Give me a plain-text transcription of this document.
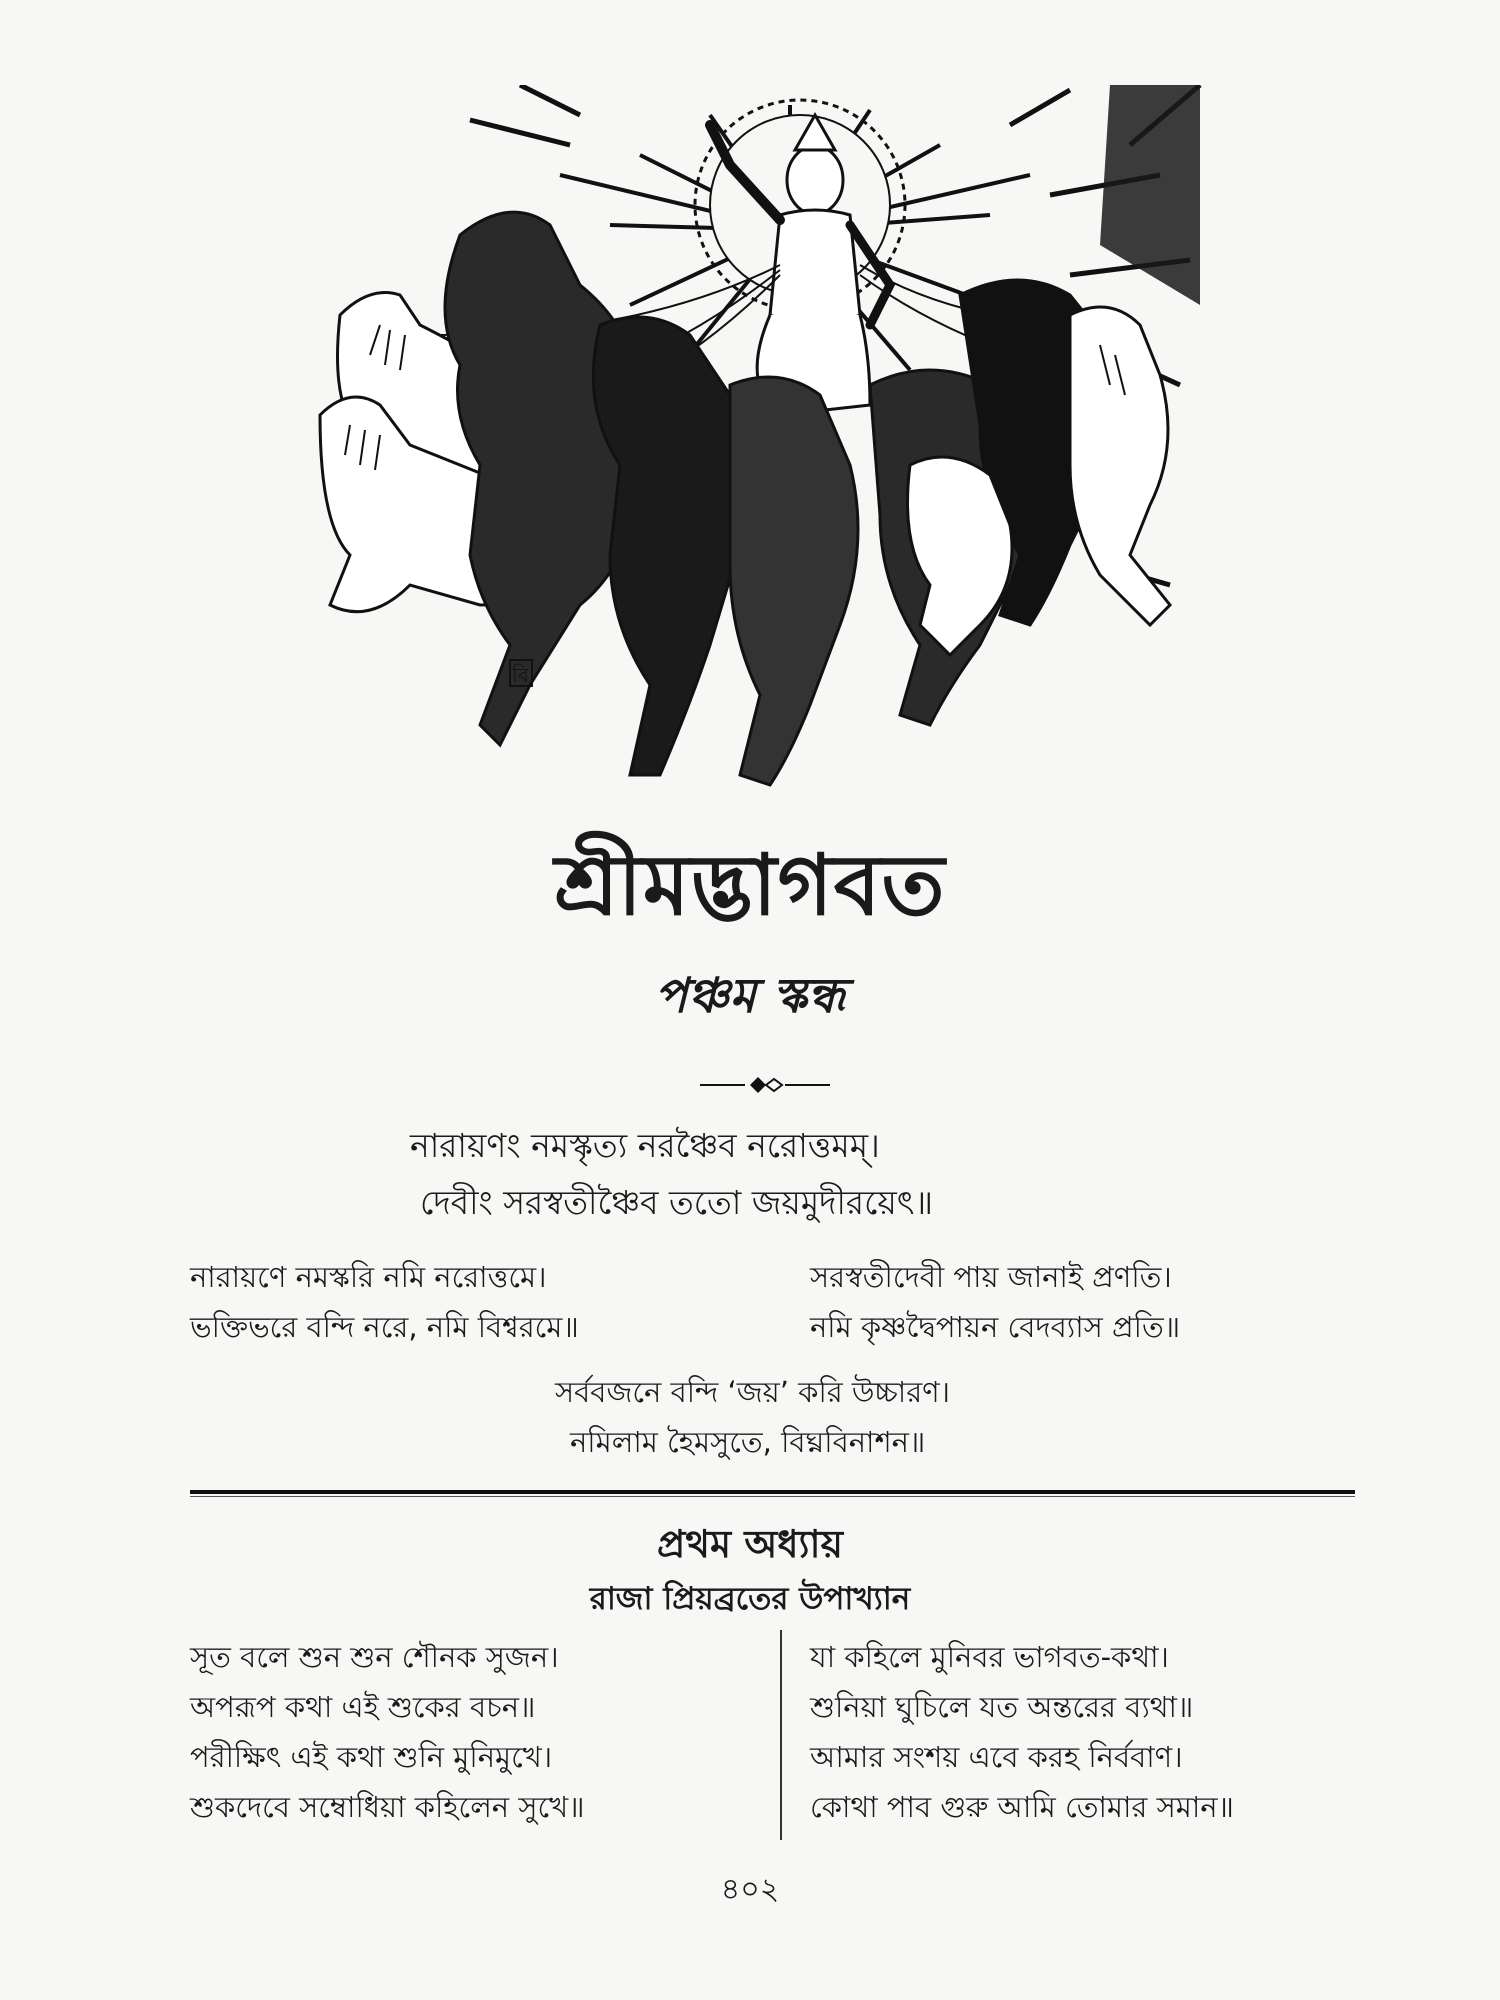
বি
শ্রীমদ্ভাগবত
পঞ্চম স্কন্ধ
নারায়ণং নমস্কৃত্য নরঞ্চৈব নরোত্তমম্।
দেবীং সরস্বতীঞ্চৈব ততো জয়মুদীরয়েৎ॥
নারায়ণে নমস্করি নমি নরোত্তমে।
ভক্তিভরে বন্দি নরে, নমি বিশ্বরমে॥
সরস্বতীদেবী পায় জানাই প্রণতি।
নমি কৃষ্ণদ্বৈপায়ন বেদব্যাস প্রতি॥
সর্ববজনে বন্দি ‘জয়’ করি উচ্চারণ।
নমিলাম হৈমসুতে, বিঘ্নবিনাশন॥
প্রথম অধ্যায়
রাজা প্রিয়ব্রতের উপাখ্যান
সূত বলে শুন শুন শৌনক সুজন।
অপরূপ কথা এই শুকের বচন॥
পরীক্ষিৎ এই কথা শুনি মুনিমুখে।
শুকদেবে সম্বোধিয়া কহিলেন সুখে॥
যা কহিলে মুনিবর ভাগবত-কথা।
শুনিয়া ঘুচিলে যত অন্তরের ব্যথা॥
আমার সংশয় এবে করহ নির্ববাণ।
কোথা পাব গুরু আমি তোমার সমান॥
৪০২
